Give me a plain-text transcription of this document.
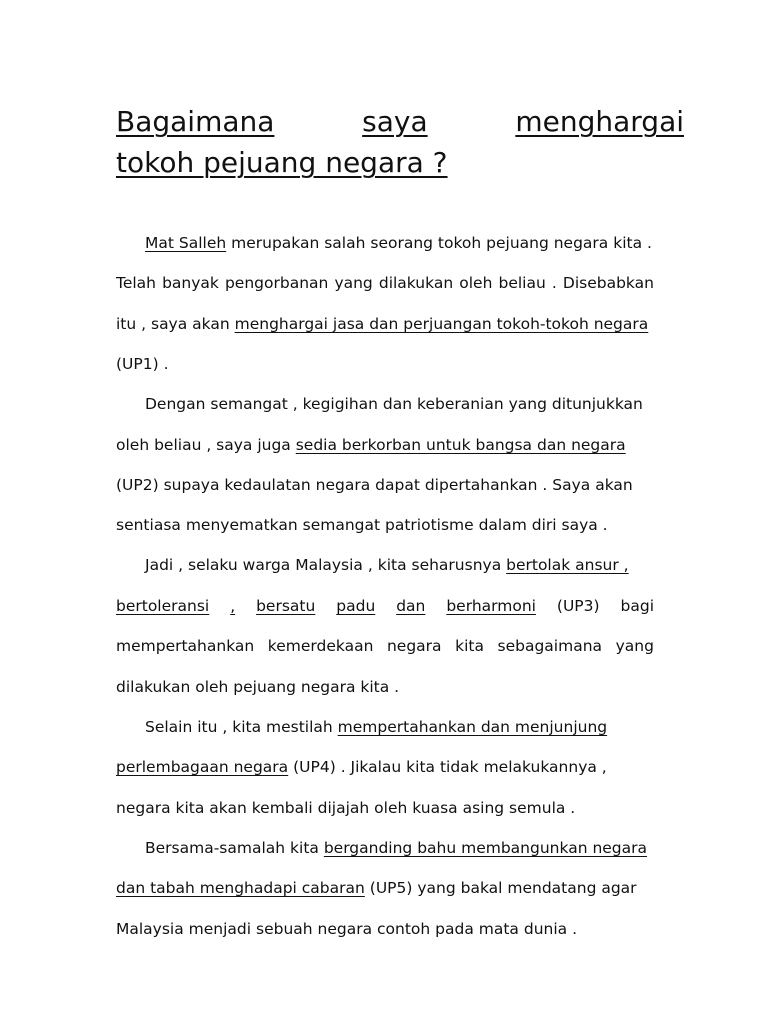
Bagaimana	saya	menghargai
tokoh pejuang negara ?
Mat Salleh merupakan salah seorang tokoh pejuang negara kita .
Telah banyak pengorbanan yang dilakukan oleh beliau . Disebabkan
itu , saya akan menghargai jasa dan perjuangan tokoh-tokoh negara
(UP1) .
Dengan semangat , kegigihan dan keberanian yang ditunjukkan
oleh beliau , saya juga sedia berkorban untuk bangsa dan negara
(UP2) supaya kedaulatan negara dapat dipertahankan . Saya akan
sentiasa menyematkan semangat patriotisme dalam diri saya .
Jadi , selaku warga Malaysia , kita seharusnya bertolak ansur ,
bertoleransi , bersatu padu dan berharmoni (UP3) bagi
mempertahankan kemerdekaan negara kita sebagaimana yang
dilakukan oleh pejuang negara kita .
Selain itu , kita mestilah mempertahankan dan menjunjung
perlembagaan negara (UP4) . Jikalau kita tidak melakukannya ,
negara kita akan kembali dijajah oleh kuasa asing semula .
Bersama-samalah kita berganding bahu membangunkan negara
dan tabah menghadapi cabaran (UP5) yang bakal mendatang agar
Malaysia menjadi sebuah negara contoh pada mata dunia .
